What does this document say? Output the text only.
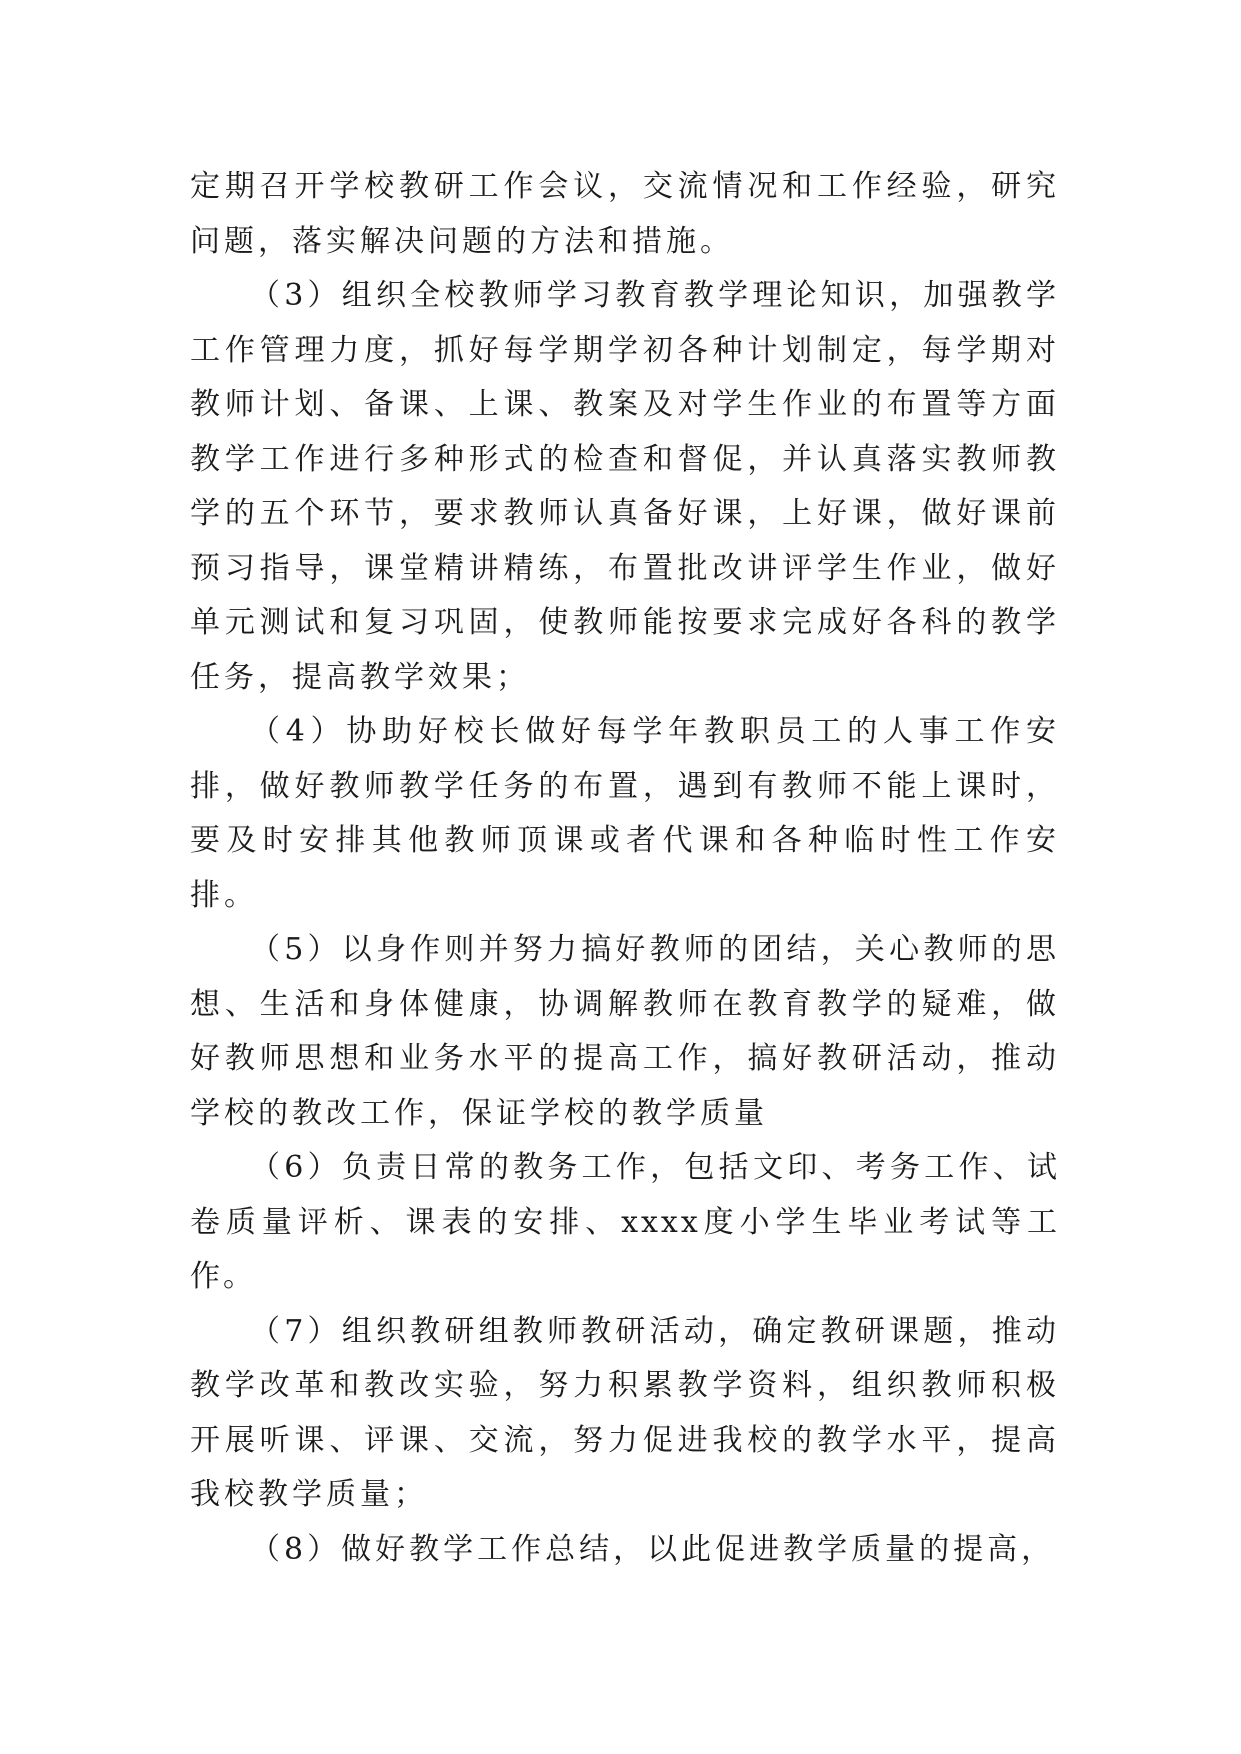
定期召开学校教研工作会议，交流情况和工作经验，研究问题，落实解决问题的方法和措施。

（3）组织全校教师学习教育教学理论知识，加强教学工作管理力度，抓好每学期学初各种计划制定，每学期对教师计划、备课、上课、教案及对学生作业的布置等方面教学工作进行多种形式的检查和督促，并认真落实教师教学的五个环节，要求教师认真备好课，上好课，做好课前预习指导，课堂精讲精练，布置批改讲评学生作业，做好单元测试和复习巩固，使教师能按要求完成好各科的教学任务，提高教学效果；

（4）协助好校长做好每学年教职员工的人事工作安排，做好教师教学任务的布置，遇到有教师不能上课时，要及时安排其他教师顶课或者代课和各种临时性工作安排。

（5）以身作则并努力搞好教师的团结，关心教师的思想、生活和身体健康，协调解教师在教育教学的疑难，做好教师思想和业务水平的提高工作，搞好教研活动，推动学校的教改工作，保证学校的教学质量

（6）负责日常的教务工作，包括文印、考务工作、试卷质量评析、课表的安排、xxxx度小学生毕业考试等工作。

（7）组织教研组教师教研活动，确定教研课题，推动教学改革和教改实验，努力积累教学资料，组织教师积极开展听课、评课、交流，努力促进我校的教学水平，提高我校教学质量；

（8）做好教学工作总结，以此促进教学质量的提高，
